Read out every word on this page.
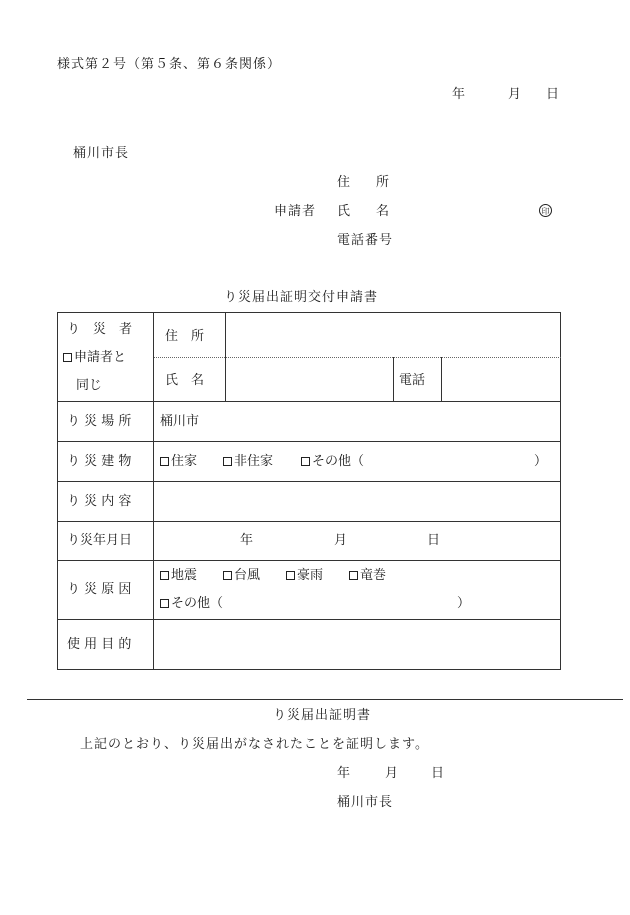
様式第２号（第５条、第６条関係）
年	月 日
桶川市長
住　　所
申請者 氏　　名	印
電話番号
り災届出証明交付申請書
り　災　者
申請者と
同じ
住　所
氏　名	電話
り 災 場 所 桶川市
り 災 建 物	住家	非住家	その他（	）
り 災 内 容
り災年月日	年	月	日
り 災 原 因
地震	台風	豪雨	竜巻
その他（	）
使 用 目 的
り災届出証明書
上記のとおり、り災届出がなされたことを証明します。
年	月	日
桶川市長
